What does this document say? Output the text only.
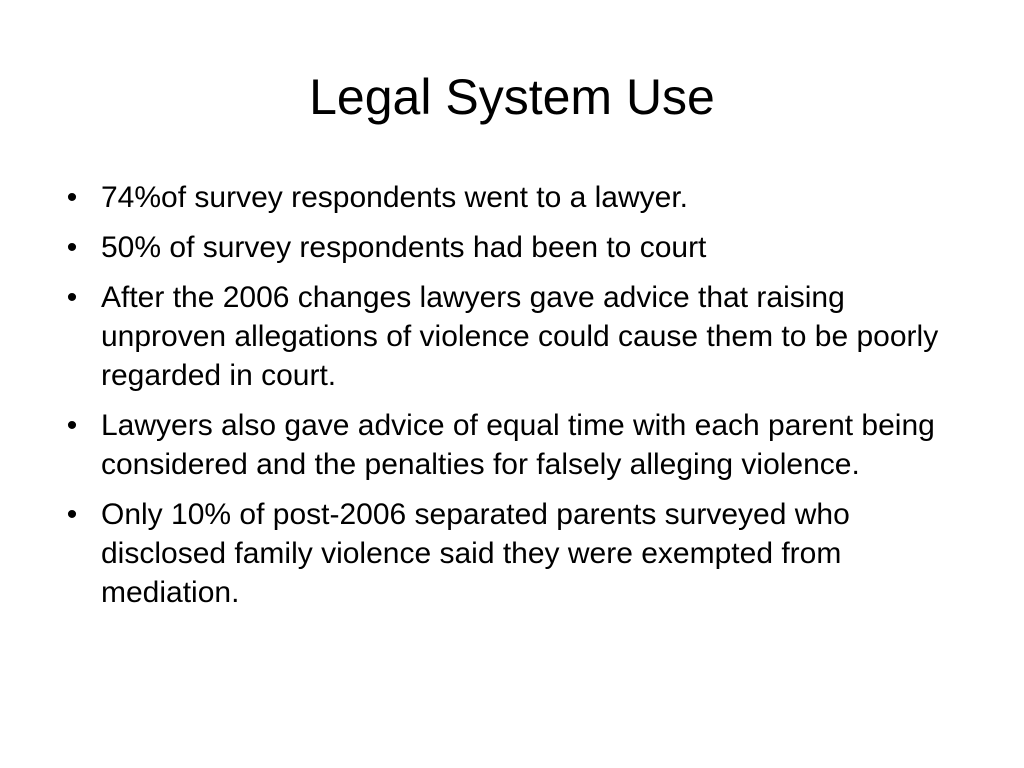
Legal System Use
• 74%of survey respondents went to a lawyer.
• 50% of survey respondents had been to court
• After the 2006 changes lawyers gave advice that raising unproven allegations of violence could cause them to be poorly regarded in court.
• Lawyers also gave advice of equal time with each parent being considered and the penalties for falsely alleging violence.
• Only 10% of post-2006 separated parents surveyed who disclosed family violence said they were exempted from mediation.
